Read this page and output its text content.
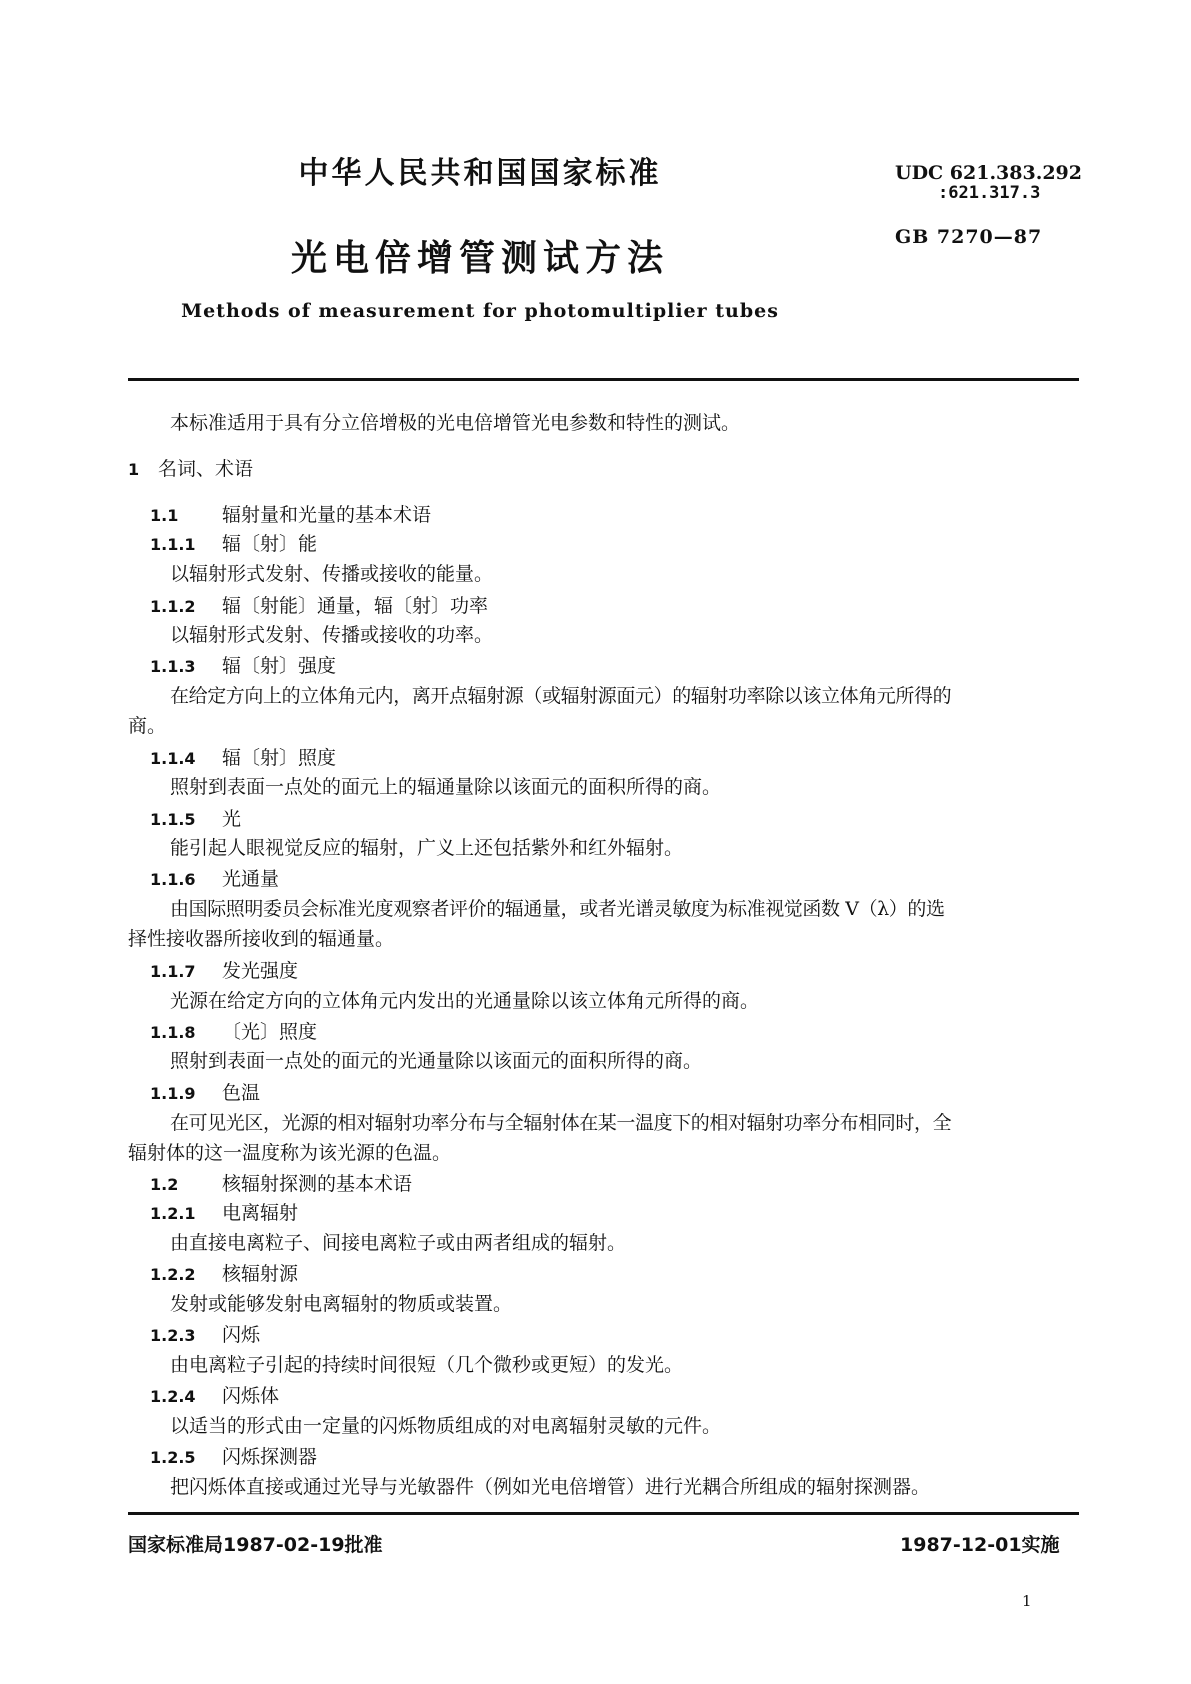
中华人民共和国国家标准	UDC 621.383.292
:621.317.3
GB 7270—87
光电倍增管测试方法
Methods of measurement for photomultiplier tubes
本标准适用于具有分立倍增极的光电倍增管光电参数和特性的测试。
1 名词、术语
1.1 辐射量和光量的基本术语
1.1.1 辐〔射〕能
以辐射形式发射、传播或接收的能量。
1.1.2 辐〔射能〕通量，辐〔射〕功率
以辐射形式发射、传播或接收的功率。
1.1.3 辐〔射〕强度
在给定方向上的立体角元内，离开点辐射源（或辐射源面元）的辐射功率除以该立体角元所得的
商。
1.1.4 辐〔射〕照度
照射到表面一点处的面元上的辐通量除以该面元的面积所得的商。
1.1.5 光
能引起人眼视觉反应的辐射，广义上还包括紫外和红外辐射。
1.1.6 光通量
由国际照明委员会标准光度观察者评价的辐通量，或者光谱灵敏度为标准视觉函数 V（λ）的选
择性接收器所接收到的辐通量。
1.1.7 发光强度
光源在给定方向的立体角元内发出的光通量除以该立体角元所得的商。
1.1.8 〔光〕照度
照射到表面一点处的面元的光通量除以该面元的面积所得的商。
1.1.9 色温
在可见光区，光源的相对辐射功率分布与全辐射体在某一温度下的相对辐射功率分布相同时，全
辐射体的这一温度称为该光源的色温。
1.2 核辐射探测的基本术语
1.2.1 电离辐射
由直接电离粒子、间接电离粒子或由两者组成的辐射。
1.2.2 核辐射源
发射或能够发射电离辐射的物质或装置。
1.2.3 闪烁
由电离粒子引起的持续时间很短（几个微秒或更短）的发光。
1.2.4 闪烁体
以适当的形式由一定量的闪烁物质组成的对电离辐射灵敏的元件。
1.2.5 闪烁探测器
把闪烁体直接或通过光导与光敏器件（例如光电倍增管）进行光耦合所组成的辐射探测器。
国家标准局1987-02-19批准	1987-12-01实施
1
